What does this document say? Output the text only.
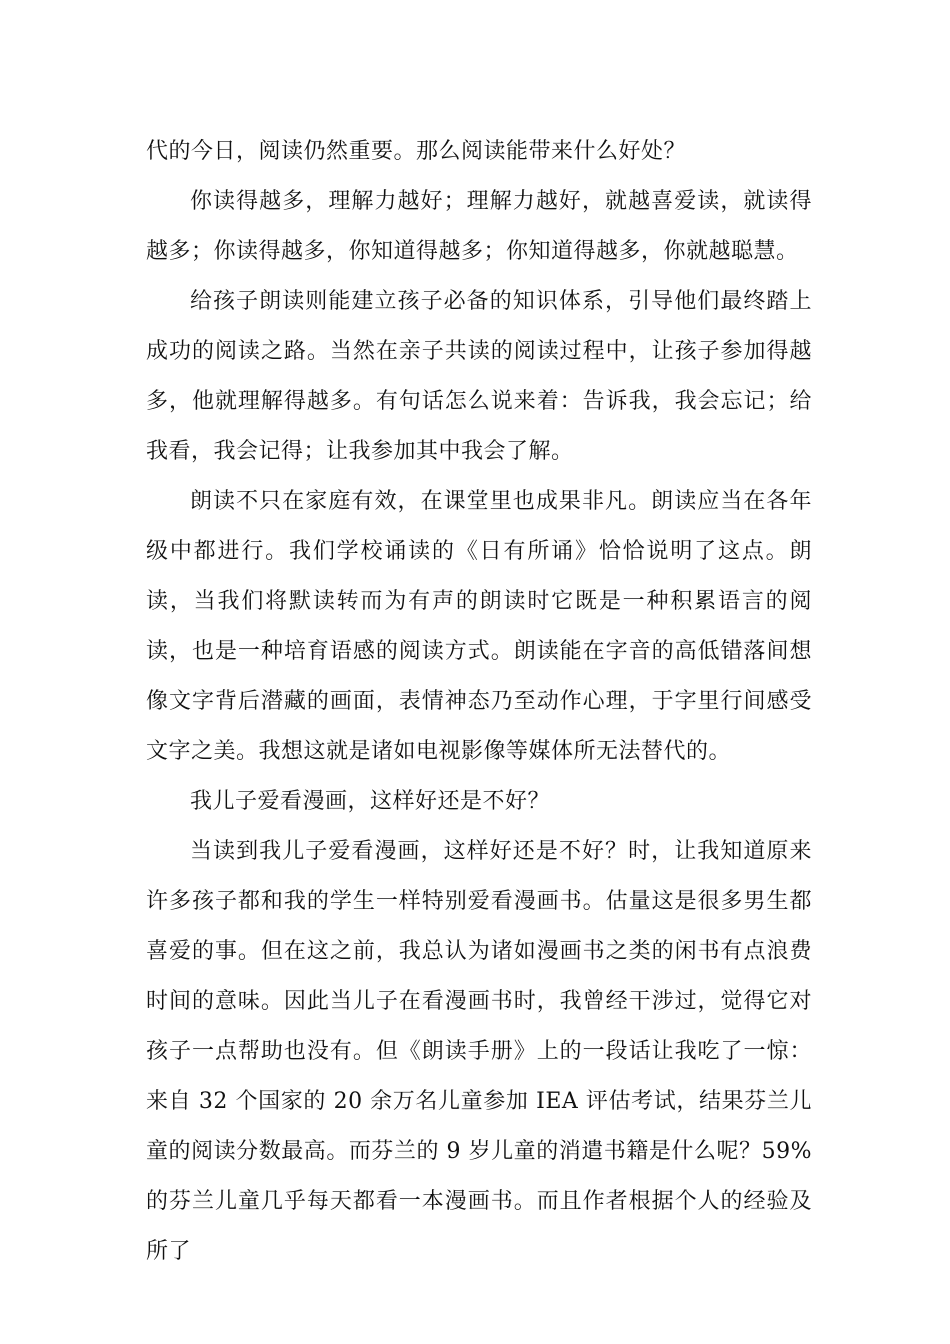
代的今日，阅读仍然重要。那么阅读能带来什么好处？

你读得越多，理解力越好；理解力越好，就越喜爱读，就读得越多；你读得越多，你知道得越多；你知道得越多，你就越聪慧。

给孩子朗读则能建立孩子必备的知识体系，引导他们最终踏上成功的阅读之路。当然在亲子共读的阅读过程中，让孩子参加得越多，他就理解得越多。有句话怎么说来着：告诉我，我会忘记；给我看，我会记得；让我参加其中我会了解。

朗读不只在家庭有效，在课堂里也成果非凡。朗读应当在各年级中都进行。我们学校诵读的《日有所诵》恰恰说明了这点。朗读，当我们将默读转而为有声的朗读时它既是一种积累语言的阅读，也是一种培育语感的阅读方式。朗读能在字音的高低错落间想像文字背后潜藏的画面，表情神态乃至动作心理，于字里行间感受文字之美。我想这就是诸如电视影像等媒体所无法替代的。

我儿子爱看漫画，这样好还是不好？

当读到我儿子爱看漫画，这样好还是不好？时，让我知道原来许多孩子都和我的学生一样特别爱看漫画书。估量这是很多男生都喜爱的事。但在这之前，我总认为诸如漫画书之类的闲书有点浪费时间的意味。因此当儿子在看漫画书时，我曾经干涉过，觉得它对孩子一点帮助也没有。但《朗读手册》上的一段话让我吃了一惊：来自 32 个国家的 20 余万名儿童参加 IEA 评估考试，结果芬兰儿童的阅读分数最高。而芬兰的 9 岁儿童的消遣书籍是什么呢？59%的芬兰儿童几乎每天都看一本漫画书。而且作者根据个人的经验及所了
